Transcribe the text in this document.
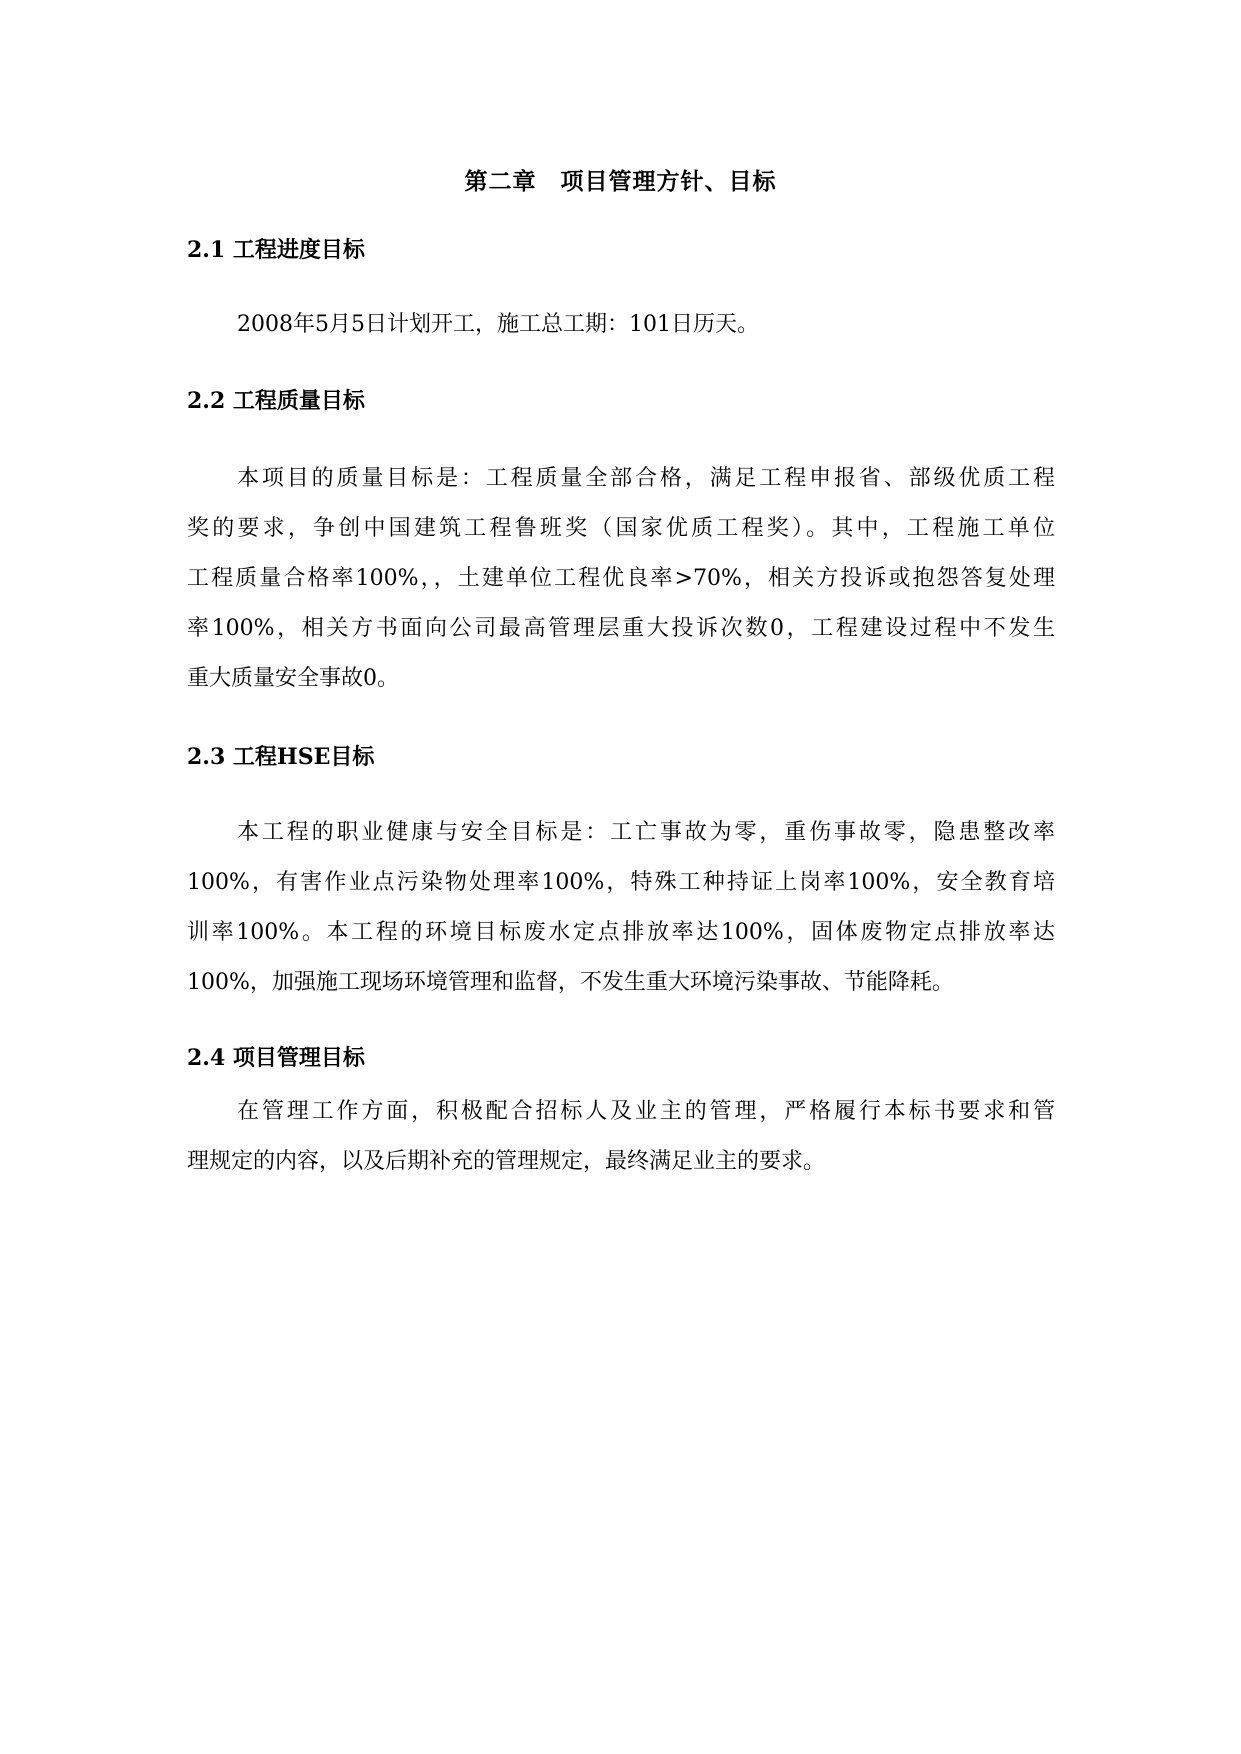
第二章　项目管理方针、目标
2.1 工程进度目标
2008年5月5日计划开工，施工总工期：101日历天。
2.2 工程质量目标
本项目的质量目标是：工程质量全部合格，满足工程申报省、部级优质工程
奖的要求，争创中国建筑工程鲁班奖（国家优质工程奖）。其中，工程施工单位
工程质量合格率100%，，土建单位工程优良率>70%，相关方投诉或抱怨答复处理
率100%，相关方书面向公司最高管理层重大投诉次数0，工程建设过程中不发生
重大质量安全事故0。
2.3 工程HSE目标
本工程的职业健康与安全目标是：工亡事故为零，重伤事故零，隐患整改率
100%，有害作业点污染物处理率100%，特殊工种持证上岗率100%，安全教育培
训率100%。本工程的环境目标废水定点排放率达100%，固体废物定点排放率达
100%，加强施工现场环境管理和监督，不发生重大环境污染事故、节能降耗。
2.4 项目管理目标
在管理工作方面，积极配合招标人及业主的管理，严格履行本标书要求和管
理规定的内容，以及后期补充的管理规定，最终满足业主的要求。
